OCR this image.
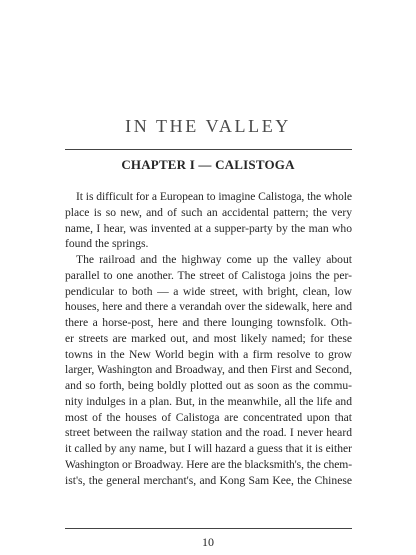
IN THE VALLEY
CHAPTER I — CALISTOGA
It is difficult for a European to imagine Calistoga, the whole
place is so new, and of such an accidental pattern; the very
name, I hear, was invented at a supper-party by the man who
found the springs.
The railroad and the highway come up the valley about
parallel to one another. The street of Calistoga joins the per-
pendicular to both — a wide street, with bright, clean, low
houses, here and there a verandah over the sidewalk, here and
there a horse-post, here and there lounging townsfolk. Oth-
er streets are marked out, and most likely named; for these
towns in the New World begin with a firm resolve to grow
larger, Washington and Broadway, and then First and Second,
and so forth, being boldly plotted out as soon as the commu-
nity indulges in a plan. But, in the meanwhile, all the life and
most of the houses of Calistoga are concentrated upon that
street between the railway station and the road. I never heard
it called by any name, but I will hazard a guess that it is either
Washington or Broadway. Here are the blacksmith's, the chem-
ist's, the general merchant's, and Kong Sam Kee, the Chinese
10
